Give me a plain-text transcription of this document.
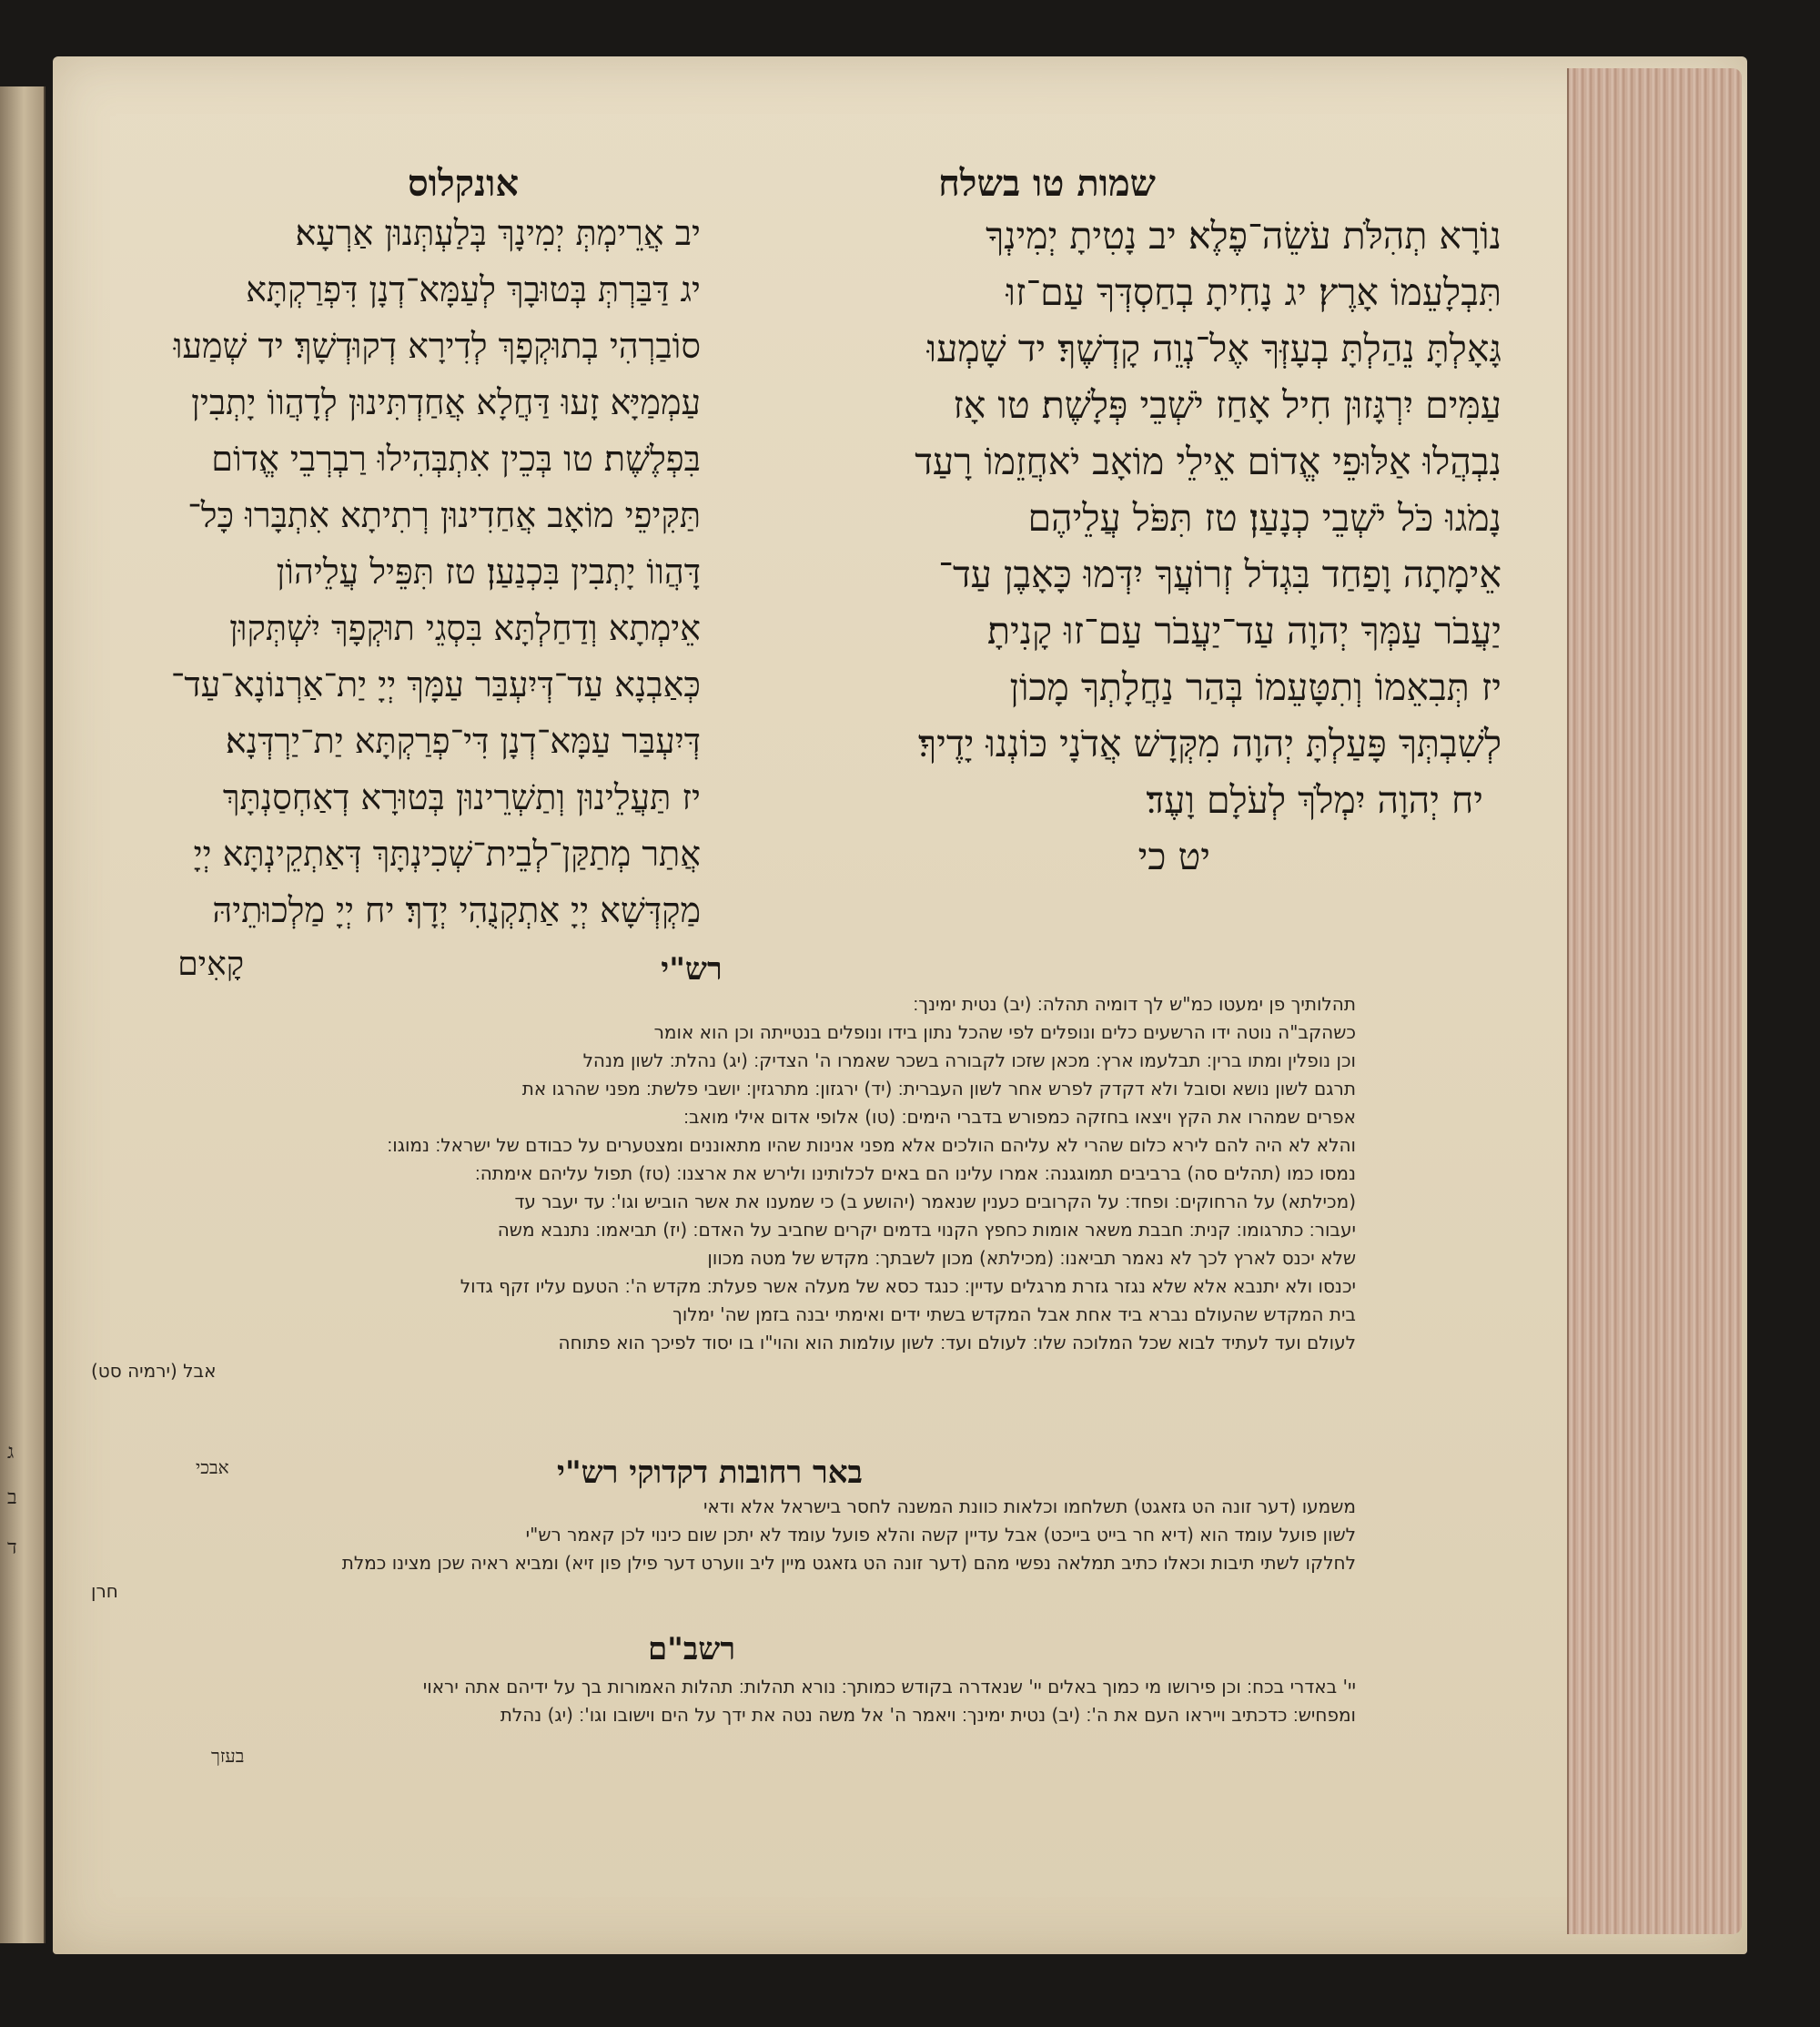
ג
ב
ד
שמות טו בשלח
אונקלוס

נוֹרָא תְהִלֹּת עֹשֵׂה־פֶלֶא׃ יב נָטִיתָ יְמִינְךָ

תִּבְלָעֵמוֹ אָרֶץ׃ יג נָחִיתָ בְחַסְדְּךָ עַם־זוּ

גָּאָלְתָּ נֵהַלְתָּ בְעָזְּךָ אֶל־נְוֵה קָדְשֶׁךָ׃ יד שָׁמְעוּ

עַמִּים יִרְגָּזוּן חִיל אָחַז יֹשְׁבֵי פְּלָשֶׁת׃ טו אָז

נִבְהֲלוּ אַלּוּפֵי אֱדוֹם אֵילֵי מוֹאָב יֹאחֲזֵמוֹ רָעַד

נָמֹגוּ כֹּל יֹשְׁבֵי כְנָעַן׃ טז תִּפֹּל עֲלֵיהֶם

אֵימָתָה וָפַחַד בִּגְדֹל זְרוֹעֲךָ יִדְּמוּ כָּאָבֶן עַד־

יַעֲבֹר עַמְּךָ יְהוָה עַד־יַעֲבֹר עַם־זוּ קָנִיתָ׃

יז תְּבִאֵמוֹ וְתִטָּעֵמוֹ בְּהַר נַחֲלָתְךָ מָכוֹן

לְשִׁבְתְּךָ פָּעַלְתָּ יְהוָה מִקְּדָשׁ אֲדֹנָי כּוֹנְנוּ יָדֶיךָ׃

יח יְהוָה יִמְלֹךְ לְעֹלָם וָעֶד׃

יט כי

יב אֲרֵימְתְּ יְמִינָךְ בְּלַעְתְּנוּן אַרְעָא׃

יג דַּבַּרְתְּ בְּטוּבָךְ לְעַמָּא־דְנָן דִּפְרַקְתָּא

סוֹבַרְהִי בְתוּקְפָךְ לְדִירָא דְקוּדְשָׁךְ׃ יד שְׁמַעוּ

עַמְמַיָּא זָעוּ דַּחֲלָא אֲחַדְתִּינוּן לְדָהֲווֹ יָתְבִין

בִּפְלֶשֶׁת׃ טו בְּכֵין אִתְבְּהִילוּ רַבְרְבֵי אֱדוֹם

תַּקִּיפֵי מוֹאָב אֲחַדִינוּן רְתִיתָא אִתְבָּרוּ כָּל־

דָּהֲווֹ יָתְבִין בִּכְנַעַן׃ טז תִּפֵּיל עֲלֵיהוֹן

אֵימְתָא וְדַחַלְתָּא בִּסְגֵי תוּקְפָךְ יִשְׁתְּקוּן

כְּאַבְנָא עַד־דְּיִעְבַּר עַמָּךְ יְיָ יַת־אַרְנוֹנָא־עַד־

דְּיִעְבַּר עַמָּא־דְנָן דִּי־פְרַקְתָּא יַת־יַרְדְּנָא׃

יז תַּעֲלֵינוּן וְתַשְׁרֵינוּן בְּטוּרָא דְאַחְסַנְתָּךְ

אֲתַר מְתַקַּן־לְבֵית־שְׁכִינְתָּךְ דְּאַתְקֵינְתָּא יְיָ

מַקְדְּשָׁא יְיָ אַתְקְנֻהִי יְדָךְ׃ יח יְיָ מַלְכוּתֵיהּ

קָאִים	רש"י

תהלותיך פן ימעטו כמ"ש לך דומיה תהלה׃ (יב) נטית ימינך׃

כשהקב"ה נוטה ידו הרשעים כלים ונופלים לפי שהכל נתון בידו ונופלים בנטייתה וכן הוא אומר

וכן נופלין ומתו ברין׃ תבלעמו ארץ׃ מכאן שזכו לקבורה בשכר שאמרו ה' הצדיק׃ (יג) נהלת׃ לשון מנהל

תרגם לשון נושא וסובל ולא דקדק לפרש אחר לשון העברית׃ (יד) ירגזון׃ מתרגזין׃ יושבי פלשת׃ מפני שהרגו את

אפרים שמהרו את הקץ ויצאו בחזקה כמפורש בדברי הימים׃ (טו) אלופי אדום אילי מואב׃

והלא לא היה להם לירא כלום שהרי לא עליהם הולכים אלא מפני אנינות שהיו מתאוננים ומצטערים על כבודם של ישראל׃ נמוגו׃

נמסו כמו (תהלים סה) ברביבים תמוגגנה׃ אמרו עלינו הם באים לכלותינו ולירש את ארצנו׃ (טז) תפול עליהם אימתה׃

(מכילתא) על הרחוקים׃ ופחד׃ על הקרובים כענין שנאמר (יהושע ב) כי שמענו את אשר הוביש וגו'׃ עד יעבר עד

יעבור׃ כתרגומו׃ קנית׃ חבבת משאר אומות כחפץ הקנוי בדמים יקרים שחביב על האדם׃ (יז) תביאמו׃ נתנבא משה

שלא יכנס לארץ לכך לא נאמר תביאנו׃ (מכילתא) מכון לשבתך׃ מקדש של מטה מכוון

יכנסו ולא יתנבא אלא שלא נגזר גזרת מרגלים עדיין׃ כנגד כסא של מעלה אשר פעלת׃ מקדש ה'׃ הטעם עליו זקף גדול

בית המקדש שהעולם נברא ביד אחת אבל המקדש בשתי ידים ואימתי יבנה בזמן שה' ימלוך

לעולם ועד לעתיד לבוא שכל המלוכה שלו׃ לעולם ועד׃ לשון עולמות הוא והוי"ו בו יסוד לפיכך הוא פתוחה

אבל (ירמיה סט)

אבכי	באר רחובות דקדוקי רש"י

משמעו (דער זונה הט גזאגט) תשלחמו וכלאות כוונת המשנה לחסר בישראל אלא ודאי

לשון פועל עומד הוא (דיא חר בייט בייכט) אבל עדיין קשה והלא פועל עומד לא יתכן שום כינוי לכן קאמר רש"י

לחלקו לשתי תיבות וכאלו כתיב תמלאה נפשי מהם (דער זונה הט גזאגט מיין ליב ווערט דער פילן פון זיא) ומביא ראיה שכן מצינו כמלת

חרן

רשב"ם

יי' באדרי בכח׃ וכן פירושו מי כמוך באלים יי' שנאדרה בקודש כמותך׃ נורא תהלות׃ תהלות האמורות בך על ידיהם אתה יראוי

ומפחיש׃ כדכתיב וייראו העם את ה'׃ (יב) נטית ימינך׃ ויאמר ה' אל משה נטה את ידך על הים וישובו וגו'׃ (יג) נהלת

בעזך
